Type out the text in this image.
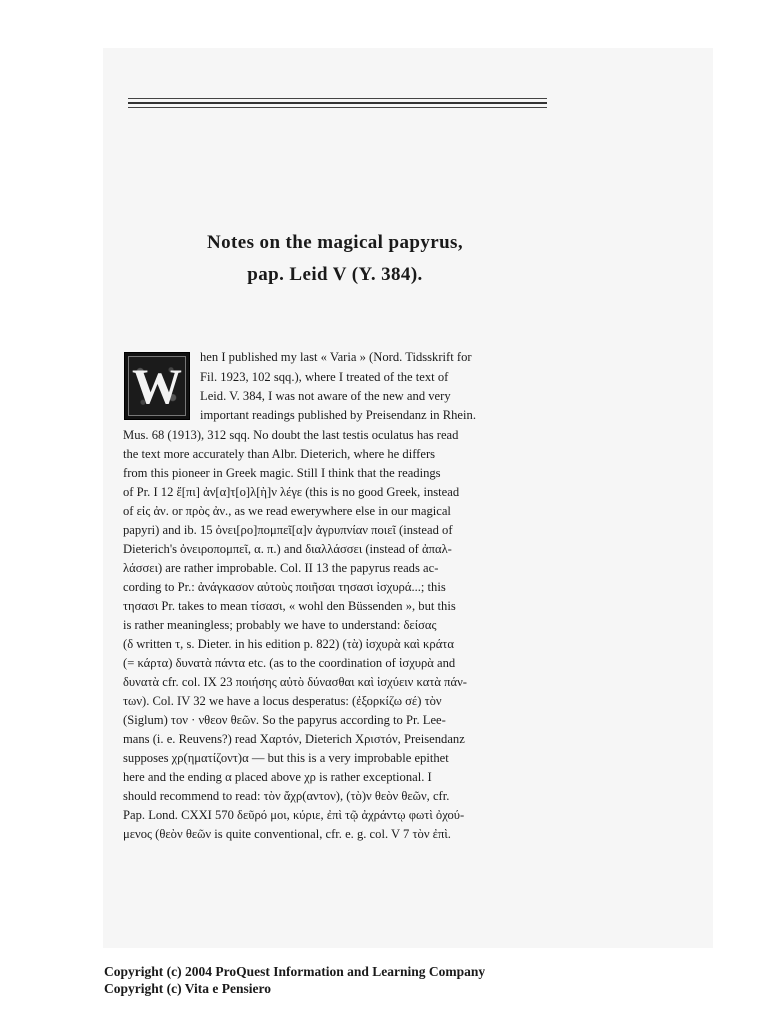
Notes on the magical papyrus,
pap. Leid V (Y. 384).
W

hen I published my last « Varia » (Nord. Tidsskrift for

Fil. 1923, 102 sqq.), where I treated of the text of

Leid. V. 384, I was not aware of the new and very

important readings published by Preisendanz in Rhein.

Mus. 68 (1913), 312 sqq. No doubt the last testis oculatus has read

the text more accurately than Albr. Dieterich, where he differs

from this pioneer in Greek magic. Still I think that the readings

of Pr. I 12 ἔ[πι] ἀν[α]τ[ο]λ[ὴ]ν λέγε (this is no good Greek, instead

of εἰς ἀν. or πρὸς ἀν., as we read ewerywhere else in our magical

papyri) and ib. 15 ὀνει[ρο]πομπεῖ[α]ν ἀγρυπνίαν ποιεῖ (instead of

Dieterich's ὀνειροπομπεῖ, α. π.) and διαλλάσσει (instead of ἀπαλ-

λάσσει) are rather improbable. Col. II 13 the papyrus reads ac-

cording to Pr.: ἀνάγκασον αὐτοὺς ποιῆσαι τησασι ἰσχυρά...; this

τησασι Pr. takes to mean τίσασι, « wohl den Büssenden », but this

is rather meaningless; probably we have to understand: δείσας

(δ written τ, s. Dieter. in his edition p. 822) (τὰ) ἰσχυρὰ καὶ κράτα

(= κάρτα) δυνατὰ πάντα etc. (as to the coordination of ἰσχυρὰ and

δυνατὰ cfr. col. IX 23 ποιήσης αὐτὸ δύνασθαι καὶ ἰσχύειν κατὰ πάν-

των). Col. IV 32 we have a locus desperatus: (ἐξορκίζω σέ) τὸν

(Siglum) τον · νθεον θεῶν. So the papyrus according to Pr. Lee-

mans (i. e. Reuvens?) read Χαρτόν, Dieterich Χριστόν, Preisendanz

supposes χρ(ηματίζοντ)α — but this is a very improbable epithet

here and the ending α placed above χρ is rather exceptional. I

should recommend to read: τὸν ἄχρ(αντον), (τὸ)ν θεὸν θεῶν, cfr.

Pap. Lond. CXXI 570 δεῦρό μοι, κύριε, ἐπὶ τῷ ἀχράντῳ φωτὶ ὀχού-

μενος (θεὸν θεῶν is quite conventional, cfr. e. g. col. V 7 τὸν ἐπὶ.

Copyright (c) 2004 ProQuest Information and Learning Company

Copyright (c) Vita e Pensiero
